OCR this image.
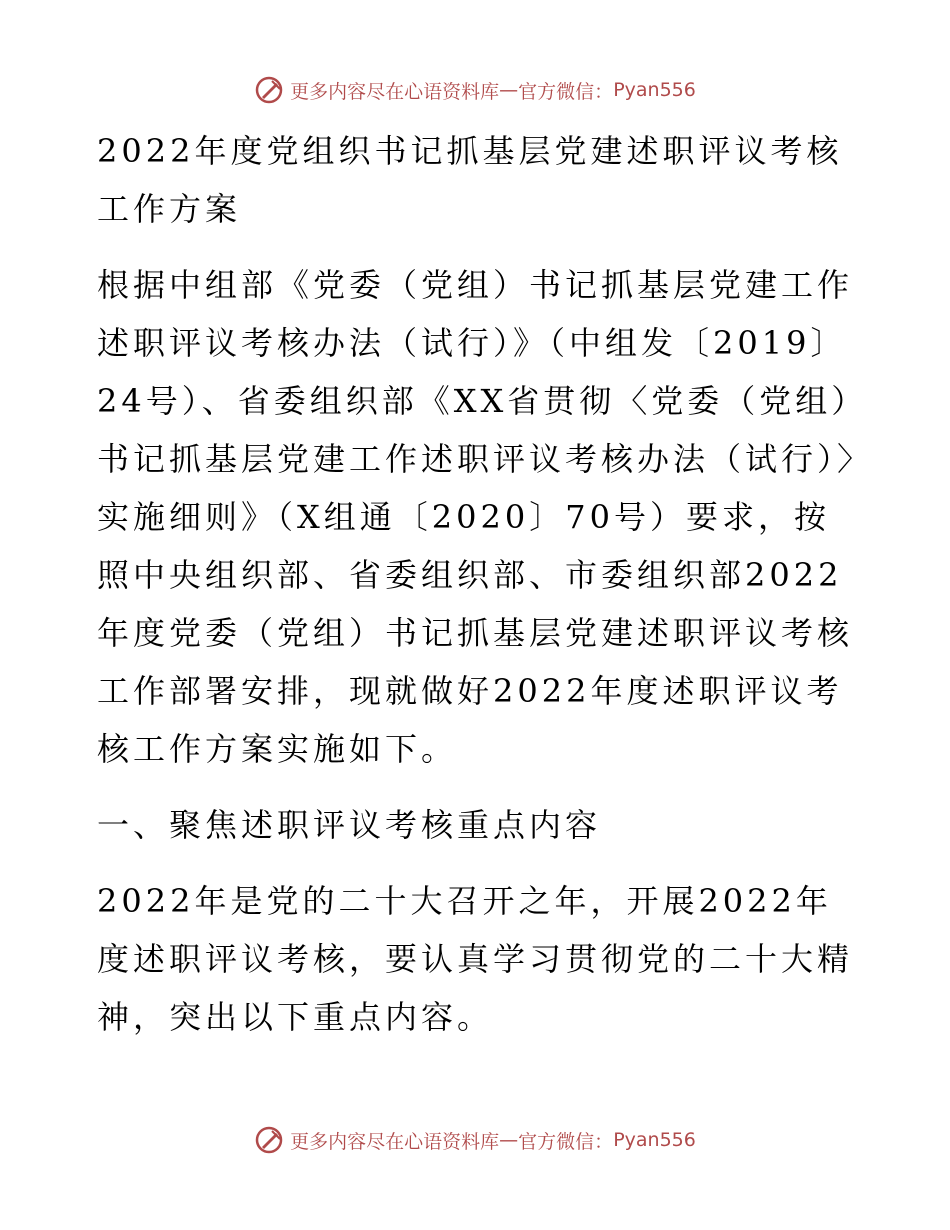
更多内容尽在心语资料库 — 官方微信： Pyan556

2022年度党组织书记抓基层党建述职评议考核工作方案

根据中组部《党委（党组）书记抓基层党建工作述职评议考核办法（试行）》（中组发〔2019〕24号）、省委组织部《XX省贯彻〈党委（党组）书记抓基层党建工作述职评议考核办法（试行）〉实施细则》（X组通〔2020〕70号）要求，按照中央组织部、省委组织部、市委组织部2022年度党委（党组）书记抓基层党建述职评议考核工作部署安排，现就做好2022年度述职评议考核工作方案实施如下。

一、聚焦述职评议考核重点内容

2022年是党的二十大召开之年，开展2022年度述职评议考核，要认真学习贯彻党的二十大精神，突出以下重点内容。

更多内容尽在心语资料库 — 官方微信： Pyan556
